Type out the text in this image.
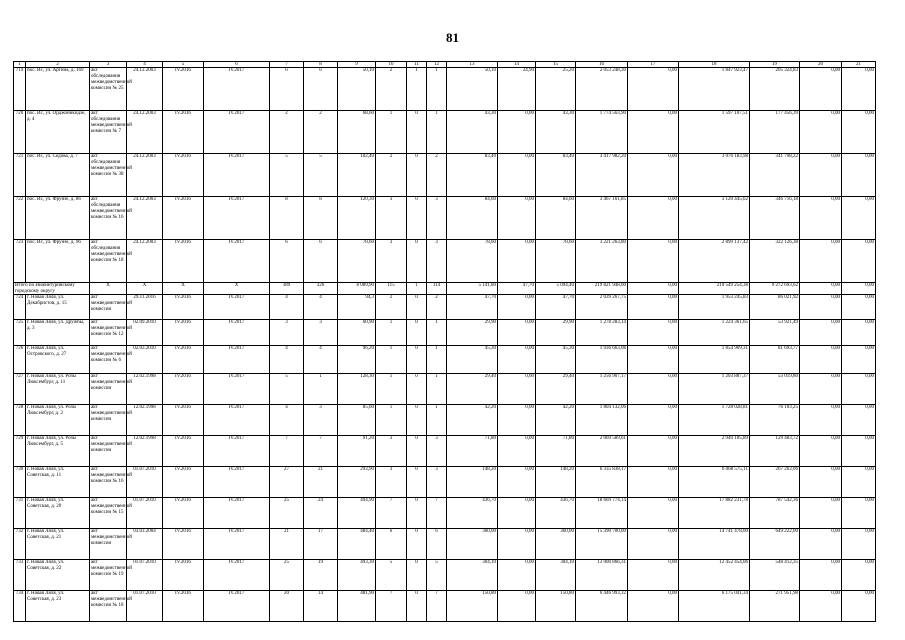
81
1	2	3	4	5	6	7	8	9	10	11	12	13	14	15	16	17	18	19	20	21
719	пос. Ис, ул. Артина, д. 169	акт обследования межведомственной комиссии № 25	24.12.2003	IV.2016	IV.2017	6	6	50,10	2	1	1	50,10	24,90	25,20	2 053 248,30	0,00	1 847 923,47	205 324,83	0,00	0,00
720	пос. Ис, ул. Орджоникидзе, д. 4	акт обследования межведомственной комиссии № 7	24.12.2003	IV.2016	IV.2017	2	2	68,60	1	0	1	43,30	0,00	43,30	1 774 563,90	0,00	1 597 107,51	177 456,39	0,00	0,00
721	пос. Ис, ул. Седова, д. 7	акт обследования межведомственной комиссии № 38	24.12.2003	IV.2016	IV.2017	5	5	102,40	2	0	2	83,40	0,00	83,40	3 417 982,20	0,00	3 076 183,98	341 798,22	0,00	0,00
722	пос. Ис, ул. Фрунзе, д. 86	акт обследования межведомственной комиссии № 16	24.12.2003	IV.2016	IV.2017	8	8	120,30	3	0	3	84,60	0,00	84,60	3 467 161,85	0,00	3 120 445,62	346 716,18	0,00	0,00
723	пос. Ис, ул. Фрунзе, д. 96	акт обследования межведомственной комиссии № 18	24.12.2003	IV.2016	IV.2017	6	6	78,60	3	0	3	78,60	0,00	78,60	3 221 263,80	0,00	2 899 137,42	322 126,38	0,00	0,00
Итого по Нижнетуринскому городскому округу		X	X	X	X	389	326	8 089,90	115	1	114	5 141,80	47,70	5 094,40	219 821 948,00	0,00	210 549 254,38	9 272 693,62	0,00	0,00
724	г. Новая Ляля, ул. Декабристов, д. 15	акт межведомственной комиссии	29.11.2016	IV.2016	IV.2017	4	4	94,3	2	0	2	47,70	0,00	47,70	2 039 267,75	0,00	1 953 245,83	86 021,92	0,00	0,00
725	г. Новая Ляля, ул. Дружбы, д. 3	акт межведомственной комиссии № 12	02.09.2010	IV.2016	IV.2017	3	3	60,90	1	0	1	29,90	0,00	29,90	1 278 283,14	0,00	1 224 361,65	53 921,49	0,00	0,00
726	г. Новая Ляля, ул. Островского, д. 27	акт межведомственной комиссии № 6	02.03.2010	IV.2016	IV.2017	4	4	96,20	1	0	1	45,30	0,00	45,30	1 936 663,08	0,00	1 854 969,31	81 693,77	0,00	0,00
727	г. Новая Ляля, ул. Розы Люксембург, д. 11	акт межведомственной комиссии	12.02.1998	IV.2016	IV.2017	5	1	128,30	1	0	1	29,40	0,00	29,40	1 256 907,17	0,00	1 203 887,37	53 019,80	0,00	0,00
728	г. Новая Ляля, ул. Розы Люксембург, д. 2	акт межведомственной комиссии	12.02.1998	IV.2016	IV.2017	4	3	85,60	1	0	1	42,20	0,00	42,20	1 804 132,06	0,00	1 728 028,81	76 103,25	0,00	0,00
729	г. Новая Ляля, ул. Розы Люксембург, д. 5	акт межведомственной комиссии	12.02.1998	IV.2016	IV.2017	7	7	91,20	3	0	3	71,80	0,00	71,80	2 069 589,61	0,00	2 940 105,89	129 483,72	0,00	0,00
730	г. Новая Ляля, ул. Советская, д. 11	акт межведомственной комиссии № 16	01.07.2010	IV.2016	IV.2017	27	21	293,90	3	0	3	148,20	0,00	148,20	6 335 838,17	0,00	6 068 575,11	267 263,06	0,00	0,00
731	г. Новая Ляля, ул. Советская, д. 20	акт межведомственной комиссии № 15	01.07.2010	IV.2016	IV.2017	25	24	494,90	7	0	7	436,70	0,00	436,70	18 669 774,14	0,00	17 882 231,78	787 542,36	0,00	0,00
732	г. Новая Ляля, ул. Советская, д. 21	акт межведомственной комиссии	03.03.2004	IV.2016	IV.2017	21	17	484,40	6	0	6	360,00	0,00	360,00	15 390 700,00	0,00	14 741 478,00	649 222,00	0,00	0,00
733	г. Новая Ляля, ул. Советская, д. 22	акт межведомственной комиссии № 19	01.07.2010	IV.2016	IV.2017	25	19	493,30	5	0	5	304,10	0,00	304,10	13 000 866,31	0,00	12 452 454,06	548 412,35	0,00	0,00
734	г. Новая Ляля, ул. Советская, д. 23	акт межведомственной комиссии № 18	01.07.2010	IV.2016	IV.2017	20	14	481,90	7	0	7	150,80	0,00	150,80	6 446 993,32	0,00	6 175 041,34	271 951,98	0,00	0,00
